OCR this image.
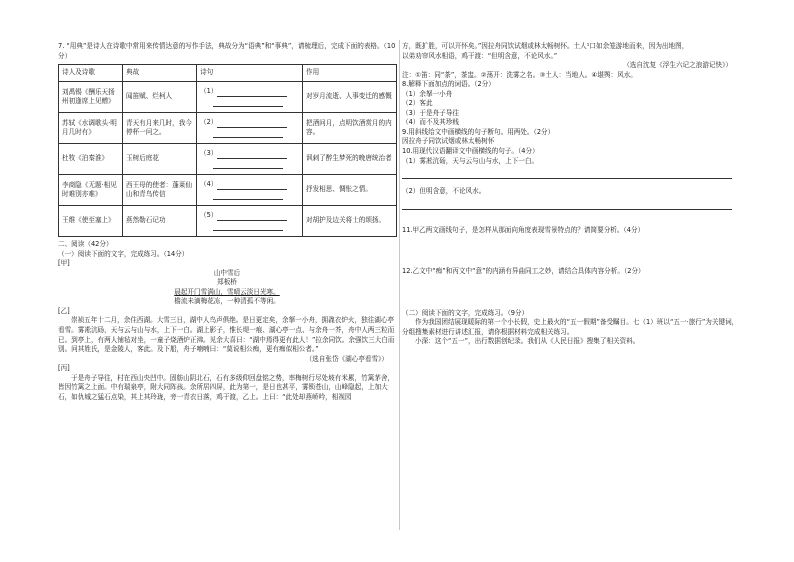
7. “用典”是诗人在诗歌中常用来传情达意的写作手法，典故分为“语典”和“事典”，请梳理后，完成下面的表格。（10分）

诗人及诗歌	典故	诗句	作用
刘禹锡《酬乐天扬州初逢席上见赠》	闻笛赋、烂柯人	（1）	对岁月流逝、人事变迁的感慨
苏轼《水调歌头·明月几时有》	青天有月来几时，我今停杯一问之。	（2）	把酒问月，点明饮酒赏月的内容。
杜牧《泊秦淮》	玉树后庭花	（3）	讽刺了醉生梦死的晚唐统治者
李商隐《无题·相见时难别亦难》	西王母的使者：蓬莱仙山和青鸟传信	（4）	抒发相思、惆怅之情。
王维《使至塞上》	燕然勒石记功	（5）	对胡护及边关将士的颂扬。

二、阅读（42分）

（一）阅读下面的文字，完成练习。（14分）

[甲]

山中雪后

郑板桥

晨起开门雪满山，雪晴云淡日光寒。

檐流未滴梅花冻，一种清孤不等闲。

[乙]

崇祯五年十二月，余住西湖。大雪三日，湖中人鸟声俱绝。是日更定矣，余拏一小舟，拥毳衣炉火，独往湖心亭看雪。雾凇沆砀，天与云与山与水，上下一白。湖上影子，惟长堤一痕、湖心亭一点、与余舟一芥，舟中人两三粒而已。到亭上，有两人铺毡对坐，一童子烧酒炉正沸。见余大喜曰：“湖中焉得更有此人！”拉余同饮。余强饮三大白而别。问其姓氏，是金陵人，客此。及下船，舟子喃喃曰：“莫说相公痴，更有痴似相公者。”

（选自张岱《湖心亭看雪》）

[丙]

于是舟子导往，村在西山央凹中。固舫山阴北石，石有多级仰回盘铭之势，率梅树行尽处坡有米累，竹篱茅舍，皆因竹篱之上面。中有瑞泉亭，附大同阵孩。余所居四屏，此为第一，是日也甚平，雾锁苍山，山峰隐起，上加大石，如仇城之猛石点染，其上其玲珑，旁一青衣日落，鸡干渡，乙上。上曰：“此处却燕峤吟，相视园

方，既扩胜，可以开怀矣。”因拉舟同饮试烟或林太畅树怀。土人¹口如余笼游地而来，因为出地图，

以弟劝帘风水相语，鸡干渡：“但明含意，不论风水。”

（选自沈复《浮生六记之浪游记快》）

注：①笛：同“茶”，茶盅。②荡开：洗雾之名。③土人：当地人。④堪舆：风水。

8.解释下面加点的词语。（2分）

（1）余拏一小舟

（2）客此

（3）于是舟子导往

（4）而不及其珍贱

9.用斜线给文中画横线的句子断句。用两处。（2分）

因拉舟子同饮试烟或林太畅树怀

10.用现代汉语翻译文中画横线的句子。（4分）

（1）雾凇沆砀，天与云与山与水，上下一白。

（2）但明含意，不论风水。

11.甲乙两文画线句子，是怎样从那面向角度表现雪景特点的？请简要分析。（4分）

12.乙文中“痴”和丙文中“意”的内涵有异曲同工之妙，请结合具体内容分析。（2分）

（二）阅读下面的文字，完成练习。（9分）

作为我国团结展现暖际的第一个小长假，史上最火的“五一假期”备受瞩目。七（1）班以“五一·旅行”为关键词，分组搜集素材进行讲述汇报，请你根据材料完成相关练习。

小深：这个“五一”，出行数据创纪录。我们从《人民日报》搜集了相关资料。
